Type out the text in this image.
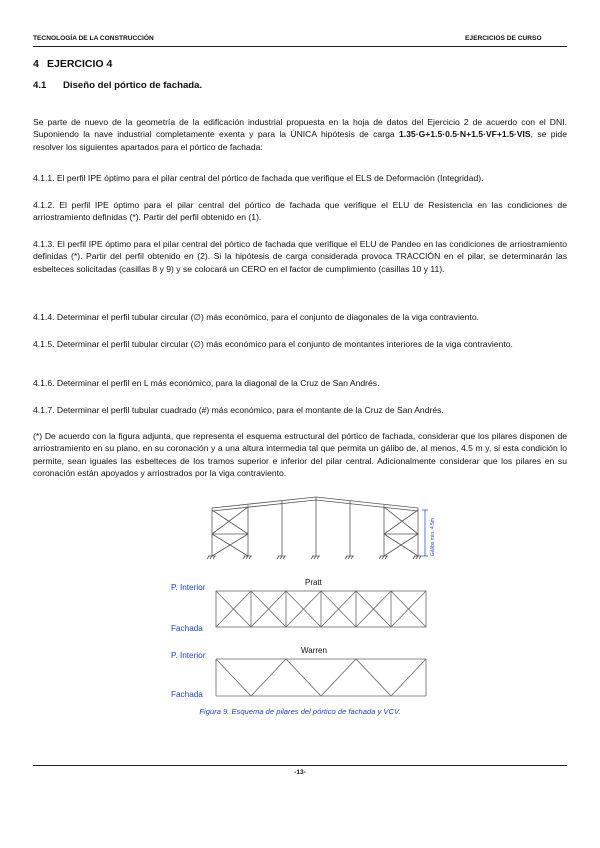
TECNOLOGÍA DE LA CONSTRUCCIÓN	EJERCICIOS DE CURSO
4 EJERCICIO 4
4.1 Diseño del pórtico de fachada.
Se parte de nuevo de la geometría de la edificación industrial propuesta en la hoja de datos del Ejercicio 2 de acuerdo con el DNI. Suponiendo la nave industrial completamente exenta y para la ÚNICA hipótesis de carga 1.35·G+1.5·0.5·N+1.5·VF+1.5·VIS, se pide resolver los siguientes apartados para el pórtico de fachada:
4.1.1. El perfil IPE óptimo para el pilar central del pórtico de fachada que verifique el ELS de Deformación (Integridad).
4.1.2. El perfil IPE óptimo para el pilar central del pórtico de fachada que verifique el ELU de Resistencia en las condiciones de arriostramiento definidas (*). Partir del perfil obtenido en (1).
4.1.3. El perfil IPE óptimo para el pilar central del pórtico de fachada que verifique el ELU de Pandeo en las condiciones de arriostramiento definidas (*). Partir del perfil obtenido en (2). Si la hipótesis de carga considerada provoca TRACCIÓN en el pilar, se determinarán las esbelteces solicitadas (casillas 8 y 9) y se colocará un CERO en el factor de cumplimiento (casillas 10 y 11).
4.1.4. Determinar el perfil tubular circular (∅) más económico, para el conjunto de diagonales de la viga contraviento.
4.1.5. Determinar el perfil tubular circular (∅) más económico para el conjunto de montantes interiores de la viga contraviento.
4.1.6. Determinar el perfil en L más económico, para la diagonal de la Cruz de San Andrés.
4.1.7. Determinar el perfil tubular cuadrado (#) más económico, para el montante de la Cruz de San Andrés.
(*) De acuerdo con la figura adjunta, que representa el esquema estructural del pórtico de fachada, considerar que los pilares disponen de arriostramiento en su plano, en su coronación y a una altura intermedia tal que permita un gálibo de, al menos, 4.5 m y, si esta condición lo permite, sean iguales las esbelteces de los tramos superior e inferior del pilar central. Adicionalmente considerar que los pilares en su coronación están apoyados y arriostrados por la viga contraviento.
Gálibo mín. 4.5m
Pratt
P. Interior
Fachada
Warren
P. Interior
Fachada
Figura 9. Esquema de pilares del pórtico de fachada y VCV.
-13-
